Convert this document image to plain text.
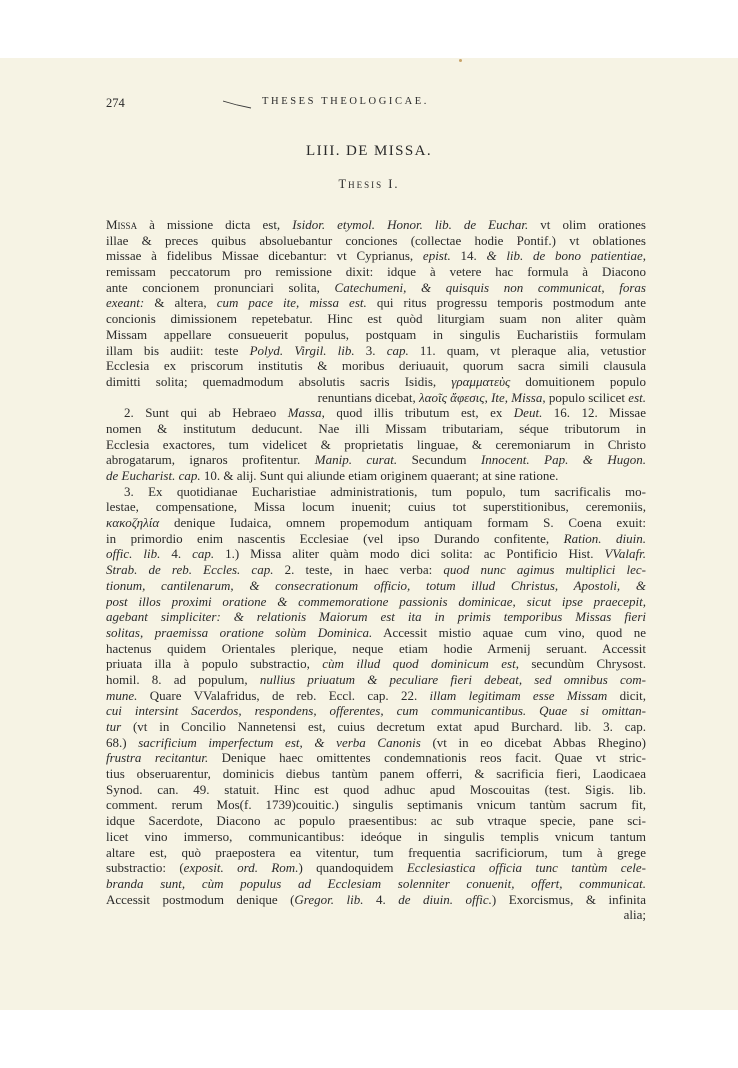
274	THESES THEOLOGICAE.
LIII. DE MISSA.
Thesis I.
Missa à missione dicta est, Isidor. etymol. Honor. lib. de Euchar. vt olim orationes
illae & preces quibus absoluebantur conciones (collectae hodie Pontif.) vt oblationes
missae à fidelibus Missae dicebantur: vt Cyprianus, epist. 14. & lib. de bono patientiae,
remissam peccatorum pro remissione dixit: idque à vetere hac formula à Diacono
ante concionem pronunciari solita, Catechumeni, & quisquis non communicat, foras
exeant: & altera, cum pace ite, missa est. qui ritus progressu temporis postmodum ante
concionis dimissionem repetebatur. Hinc est quòd liturgiam suam non aliter quàm
Missam appellare consueuerit populus, postquam in singulis Eucharistiis formulam
illam bis audiit: teste Polyd. Virgil. lib. 3. cap. 11. quam, vt pleraque alia, vetustior
Ecclesia ex priscorum institutis & moribus deriuauit, quorum sacra simili clausula
dimitti solita; quemadmodum absolutis sacris Isidis, γραμματεὺς domuitionem populo
renuntians dicebat, λαοῖς ἄφεσις, Ite, Missa, populo scilicet est.
2. Sunt qui ab Hebraeo Massa, quod illis tributum est, ex Deut. 16. 12. Missae
nomen & institutum deducunt. Nae illi Missam tributariam, séque tributorum in
Ecclesia exactores, tum videlicet & proprietatis linguae, & ceremoniarum in Christo
abrogatarum, ignaros profitentur. Manip. curat. Secundum Innocent. Pap. & Hugon.
de Eucharist. cap. 10. & alij. Sunt qui aliunde etiam originem quaerant; at sine ratione.
3. Ex quotidianae Eucharistiae administrationis, tum populo, tum sacrificalis mo-
lestae, compensatione, Missa locum inuenit; cuius tot superstitionibus, ceremoniis,
κακοζηλία denique Iudaica, omnem propemodum antiquam formam S. Coena exuit:
in primordio enim nascentis Ecclesiae (vel ipso Durando confitente, Ration. diuin.
offic. lib. 4. cap. 1.) Missa aliter quàm modo dici solita: ac Pontificio Hist. VValafr.
Strab. de reb. Eccles. cap. 2. teste, in haec verba: quod nunc agimus multiplici lec-
tionum, cantilenarum, & consecrationum officio, totum illud Christus, Apostoli, &
post illos proximi oratione & commemoratione passionis dominicae, sicut ipse praecepit,
agebant simpliciter: & relationis Maiorum est ita in primis temporibus Missas fieri
solitas, praemissa oratione solùm Dominica. Accessit mistio aquae cum vino, quod ne
hactenus quidem Orientales plerique, neque etiam hodie Armenij seruant. Accessit
priuata illa à populo substractio, cùm illud quod dominicum est, secundùm Chrysost.
homil. 8. ad populum, nullius priuatum & peculiare fieri debeat, sed omnibus com-
mune. Quare VValafridus, de reb. Eccl. cap. 22. illam legitimam esse Missam dicit,
cui intersint Sacerdos, respondens, offerentes, cum communicantibus. Quae si omittan-
tur (vt in Concilio Nannetensi est, cuius decretum extat apud Burchard. lib. 3. cap.
68.) sacrificium imperfectum est, & verba Canonis (vt in eo dicebat Abbas Rhegino)
frustra recitantur. Denique haec omittentes condemnationis reos facit. Quae vt stric-
tius obseruarentur, dominicis diebus tantùm panem offerri, & sacrificia fieri, Laodicaea
Synod. can. 49. statuit. Hinc est quod adhuc apud Moscouitas (test. Sigis. lib.
comment. rerum Mos(f. 1739)couitic.) singulis septimanis vnicum tantùm sacrum fit,
idque Sacerdote, Diacono ac populo praesentibus: ac sub vtraque specie, pane sci-
licet vino immerso, communicantibus: ideóque in singulis templis vnicum tantum
altare est, quò praepostera ea vitentur, tum frequentia sacrificiorum, tum à grege
substractio: (exposit. ord. Rom.) quandoquidem Ecclesiastica officia tunc tantùm cele-
branda sunt, cùm populus ad Ecclesiam solenniter conuenit, offert, communicat.
Accessit postmodum denique (Gregor. lib. 4. de diuin. offic.) Exorcismus, & infinita
alia;
